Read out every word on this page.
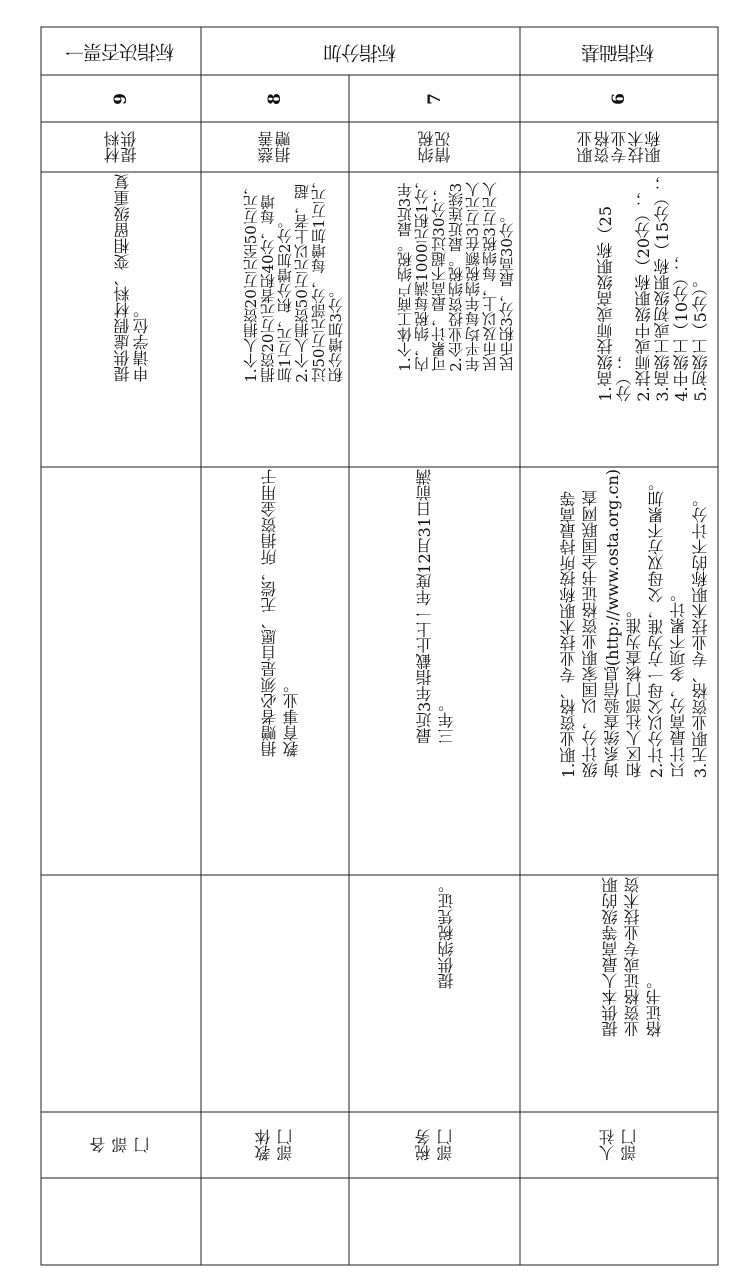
基
础
指
标
加
分
指
标
一
票
否
决
指
标
6
7
8
9
职业
资格
专业
技术
职称
纳税
情况
慈善
捐赠
材料
提供
1.高级技师或高级职称（25
分）；
2.技师或中级职称（20分）；
3.高级工或初级职称（15分）；
4.中级工（10分）；
5.初级工（5分）。
1.个体工商户纳税。最近3年
内，纳税每满1000元积1分，
可累计，最高不超过30分；
2.企业投资纳税。最近连续3
年平均每年纳税额在3万元人
民币及以上，每纳税3万元人
民币积3分，最高30分。
1.个人捐资20万元至50万元，
捐资20万元者积40分，每增
加1万元，积分增加2分。
2.个人捐资50万元以上者，超
过50万元部分，每增加1万元，
积分增加3分。
提供虚假材料、变相留级重复
申请学位。
1.职业资格、专业技术职称按所持最高等
级计分，以国家职业资格证书全国联网查
询系统查验信息(http://www.osta.org.cn)
和区人社部门核查为准。
2.计分以父母一方为准，父母双方不累加。
只计最高分，多项不累计。
3.无职业资格、专业技术职称的不计分。
最近3年指截止上一年度12月31日前满
三年。
捐赠者必须是自愿、无偿，所捐资金用于
教育事业。
提供本人最高等级的职
业资格证或专业技术资
格证书。
提供纳税凭证。
人社
部门
税务
部门
教体
部门
各
部
门
